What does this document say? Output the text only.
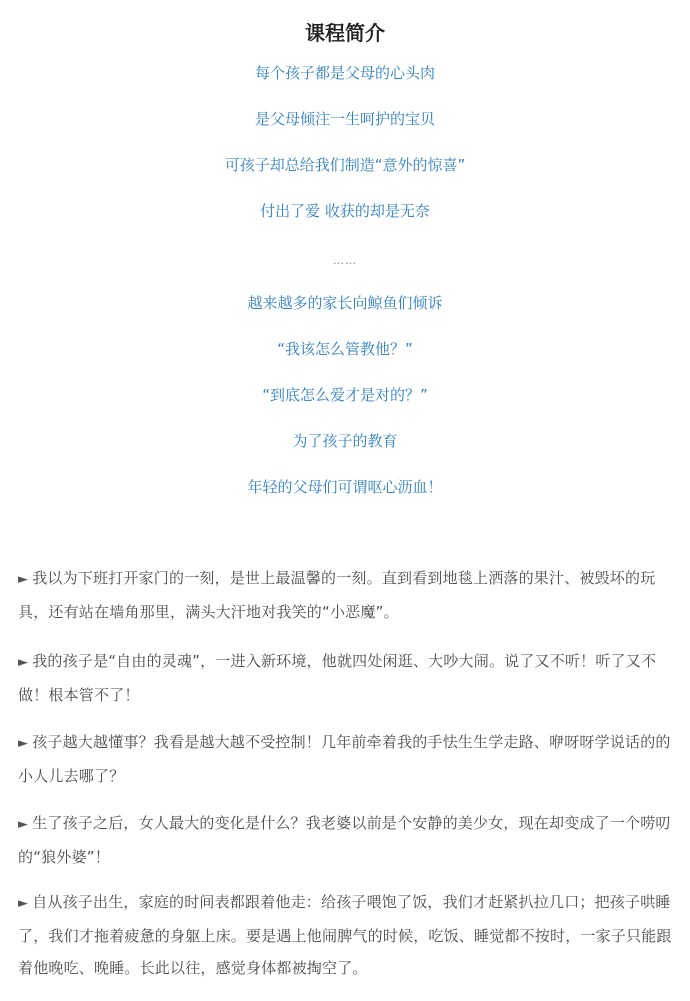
课程简介
每个孩子都是父母的心头肉
是父母倾注一生呵护的宝贝
可孩子却总给我们制造“意外的惊喜”
付出了爱 收获的却是无奈
……
越来越多的家长向鲸鱼们倾诉
“我该怎么管教他？”
“到底怎么爱才是对的？”
为了孩子的教育
年轻的父母们可谓呕心沥血！
► 我以为下班打开家门的一刻，是世上最温馨的一刻。直到看到地毯上洒落的果汁、被毁坏的玩具，还有站在墙角那里，满头大汗地对我笑的“小恶魔”。
► 我的孩子是“自由的灵魂”，一进入新环境，他就四处闲逛、大吵大闹。说了又不听！听了又不做！根本管不了！
► 孩子越大越懂事？我看是越大越不受控制！几年前牵着我的手怯生生学走路、咿呀呀学说话的的小人儿去哪了？
► 生了孩子之后，女人最大的变化是什么？我老婆以前是个安静的美少女，现在却变成了一个唠叨的“狼外婆”！
► 自从孩子出生，家庭的时间表都跟着他走：给孩子喂饱了饭，我们才赶紧扒拉几口；把孩子哄睡了，我们才拖着疲惫的身躯上床。要是遇上他闹脾气的时候，吃饭、睡觉都不按时，一家子只能跟着他晚吃、晚睡。长此以往，感觉身体都被掏空了。
